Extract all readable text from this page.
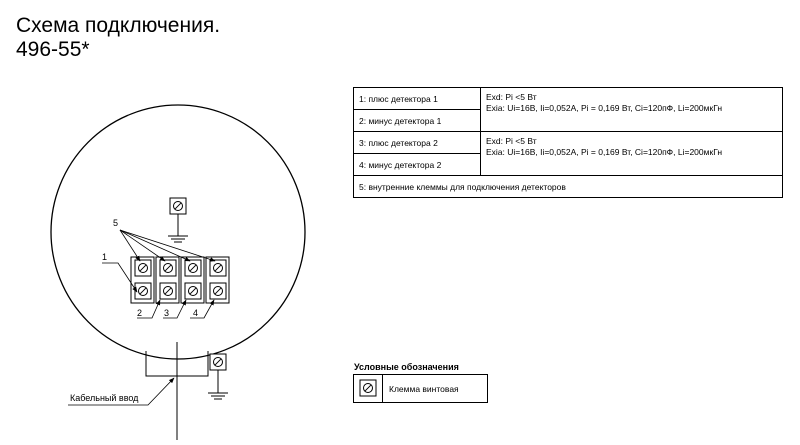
Схема подключения.
496-55*
5
1
2 3	4
Кабельный ввод
1: плюс детектора 1	Exd: Pi <5 Вт
Exia: Ui=16В, Ii=0,052А, Pi = 0,169 Вт, Ci=120пФ, Li=200мкГн

2: минус детектора 1	
3: плюс детектора 2	Exd: Pi <5 Вт
Exia: Ui=16В, Ii=0,052А, Pi = 0,169 Вт, Ci=120пФ, Li=200мкГн

4: минус детектора 2	
5: внутренние клеммы для подключения детекторов	
Условные обозначения
	Клемма винтовая
